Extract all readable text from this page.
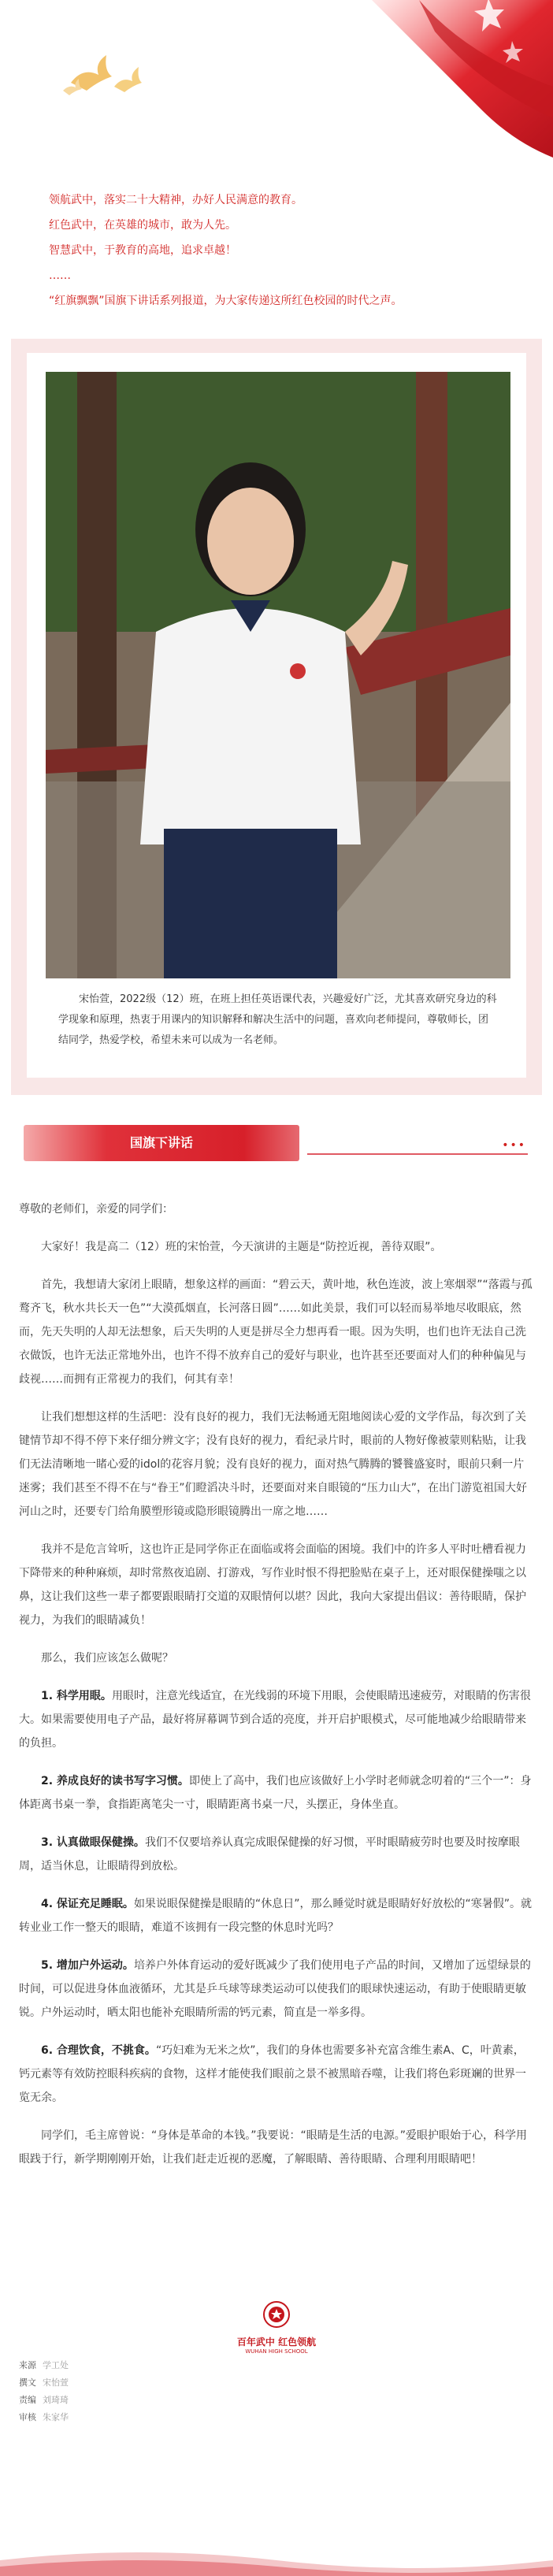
领航武中，落实二十大精神，办好人民满意的教育。

红色武中，在英雄的城市，敢为人先。

智慧武中，于教育的高地，追求卓越！

……

“红旗飘飘”国旗下讲话系列报道，为大家传递这所红色校园的时代之声。

宋怡萱，2022级（12）班，在班上担任英语课代表，兴趣爱好广泛，尤其喜欢研究身边的科学现象和原理，热衷于用课内的知识解释和解决生活中的问题，喜欢向老师提问，尊敬师长，团结同学，热爱学校，希望未来可以成为一名老师。

国旗下讲话	•••

尊敬的老师们，亲爱的同学们：

大家好！我是高二（12）班的宋怡萱，今天演讲的主题是“防控近视，善待双眼”。

首先，我想请大家闭上眼睛，想象这样的画面：“碧云天，黄叶地，秋色连波，波上寒烟翠”“落霞与孤鹜齐飞，秋水共长天一色”“大漠孤烟直，长河落日圆”……如此美景，我们可以轻而易举地尽收眼底，然而，先天失明的人却无法想象，后天失明的人更是拼尽全力想再看一眼。因为失明，也们也许无法自己洗衣做饭，也许无法正常地外出，也许不得不放弃自己的爱好与职业，也许甚至还要面对人们的种种偏见与歧视……而拥有正常视力的我们，何其有幸！

让我们想想这样的生活吧：没有良好的视力，我们无法畅通无阻地阅读心爱的文学作品，每次到了关键情节却不得不停下来仔细分辨文字；没有良好的视力，看纪录片时，眼前的人物好像被蒙则粘贴，让我们无法清晰地一睹心爱的idol的花容月貌；没有良好的视力，面对热气腾腾的饕餮盛宴时，眼前只剩一片迷雾；我们甚至不得不在与“眷王”们瞪滔决斗时，还要面对来自眼镜的“压力山大”，在出门游览祖国大好河山之时，还要专门给角膜塑形镜或隐形眼镜腾出一席之地……

我并不是危言耸听，这也许正是同学你正在面临或将会面临的困境。我们中的许多人平时吐槽看视力下降带来的种种麻烦，却时常熬夜追剧、打游戏，写作业时恨不得把脸贴在桌子上，还对眼保健操嗤之以鼻，这让我们这些一辈子都要跟眼睛打交道的双眼情何以堪？因此，我向大家提出倡议：善待眼睛，保护视力，为我们的眼睛减负！

那么，我们应该怎么做呢？

1. 科学用眼。用眼时，注意光线适宜，在光线弱的环境下用眼，会使眼睛迅速疲劳，对眼睛的伤害很大。如果需要使用电子产品，最好将屏幕调节到合适的亮度，并开启护眼模式，尽可能地减少给眼睛带来的负担。

2. 养成良好的读书写字习惯。即使上了高中，我们也应该做好上小学时老师就念叨着的“三个一”：身体距离书桌一拳，食指距离笔尖一寸，眼睛距离书桌一尺，头摆正，身体坐直。

3. 认真做眼保健操。我们不仅要培养认真完成眼保健操的好习惯，平时眼睛疲劳时也要及时按摩眼周，适当休息，让眼睛得到放松。

4. 保证充足睡眠。如果说眼保健操是眼睛的“休息日”，那么睡觉时就是眼睛好好放松的“寒暑假”。就转业业工作一整天的眼睛，难道不该拥有一段完整的休息时光吗？

5. 增加户外运动。培养户外体育运动的爱好既减少了我们使用电子产品的时间，又增加了远望绿景的时间，可以促进身体血液循环，尤其是乒乓球等球类运动可以使我们的眼球快速运动，有助于使眼睛更敏锐。户外运动时，晒太阳也能补充眼睛所需的钙元素，简直是一举多得。

6. 合理饮食，不挑食。“巧妇难为无米之炊”，我们的身体也需要多补充富含维生素A、C，叶黄素，钙元素等有效防控眼科疾病的食物，这样才能使我们眼前之景不被黑暗吞噬，让我们将色彩斑斓的世界一览无余。

同学们，毛主席曾说：“身体是革命的本钱。”我要说：“眼睛是生活的电源。”爱眼护眼始于心，科学用眼践于行，新学期刚刚开始，让我们赶走近视的恶魔，了解眼睛、善待眼睛、合理利用眼睛吧！

百年武中 红色领航
WUHAN HIGH SCHOOL
来源 学工处
撰文 宋怡萱
责编 刘琦琦
审核 朱家华
